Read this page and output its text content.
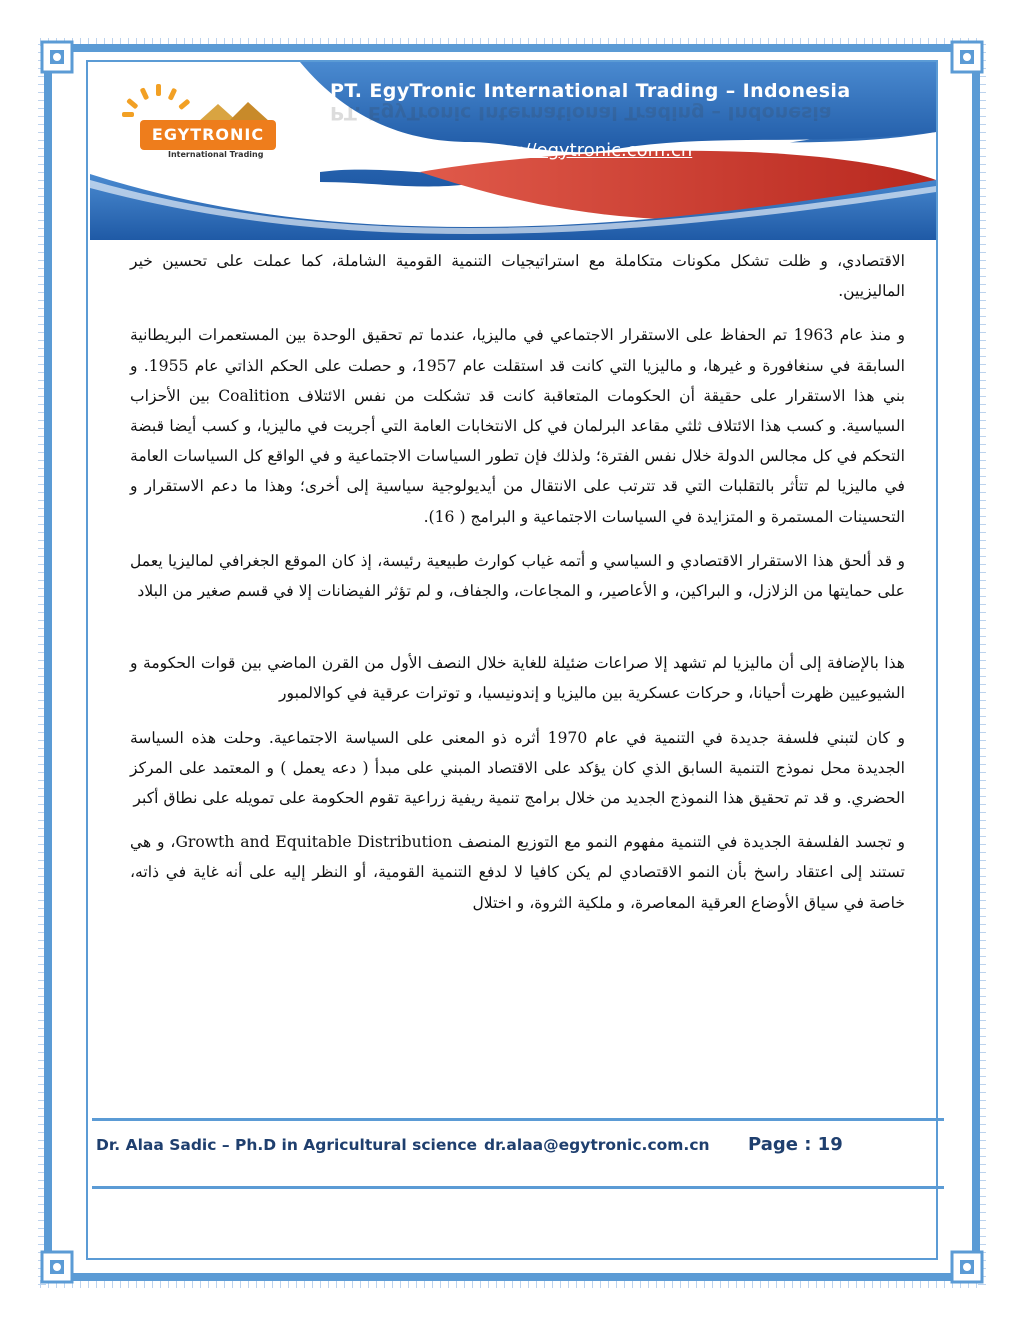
EGYTRONIC
International Trading
PT. EgyTronic International Trading – Indonesia
PT. EgyTronic International Trading – Indonesia
https://egytronic.com.cn

الاقتصادي، و ظلت تشكل مكونات متكاملة مع استراتيجيات التنمية القومية الشاملة، كما عملت على تحسين خير الماليزيين.

و منذ عام 1963 تم الحفاظ على الاستقرار الاجتماعي في ماليزيا، عندما تم تحقيق الوحدة بين المستعمرات البريطانية السابقة في سنغافورة و غيرها، و ماليزيا التي كانت قد استقلت عام 1957، و حصلت على الحكم الذاتي عام 1955. و بني هذا الاستقرار على حقيقة أن الحكومات المتعاقبة كانت قد تشكلت من نفس الائتلاف Coalition بين الأحزاب السياسية. و كسب هذا الائتلاف ثلثي مقاعد البرلمان في كل الانتخابات العامة التي أجريت في ماليزيا، و كسب أيضا قبضة التحكم في كل مجالس الدولة خلال نفس الفترة؛ ولذلك فإن تطور السياسات الاجتماعية و في الواقع كل السياسات العامة في ماليزيا لم تتأثر بالتقلبات التي قد تترتب على الانتقال من أيديولوجية سياسية إلى أخرى؛ وهذا ما دعم الاستقرار و التحسينات المستمرة و المتزايدة في السياسات الاجتماعية و البرامج ( 16).

و قد ألحق هذا الاستقرار الاقتصادي و السياسي و أتمه غياب كوارث طبيعية رئيسة، إذ كان الموقع الجغرافي لماليزيا يعمل على حمايتها من الزلازل، و البراكين، و الأعاصير، و المجاعات، والجفاف، و لم تؤثر الفيضانات إلا في قسم صغير من البلاد

هذا بالإضافة إلى أن ماليزيا لم تشهد إلا صراعات ضئيلة للغاية خلال النصف الأول من القرن الماضي بين قوات الحكومة و الشيوعيين ظهرت أحيانا، و حركات عسكرية بين ماليزيا و إندونيسيا، و توترات عرقية في كوالالمبور

و كان لتبني فلسفة جديدة في التنمية في عام 1970 أثره ذو المعنى على السياسة الاجتماعية. وحلت هذه السياسة الجديدة محل نموذج التنمية السابق الذي كان يؤكد على الاقتصاد المبني على مبدأ ( دعه يعمل ) و المعتمد على المركز الحضري. و قد تم تحقيق هذا النموذج الجديد من خلال برامج تنمية ريفية زراعية تقوم الحكومة على تمويله على نطاق أكبر

و تجسد الفلسفة الجديدة في التنمية مفهوم النمو مع التوزيع المنصف Growth and Equitable Distribution، و هي تستند إلى اعتقاد راسخ بأن النمو الاقتصادي لم يكن كافيا لا لدفع التنمية القومية، أو النظر إليه على أنه غاية في ذاته، خاصة في سياق الأوضاع العرقية المعاصرة، و ملكية الثروة، و اختلال

Dr. Alaa Sadic – Ph.D in Agricultural science dr.alaa@egytronic.com.cn Page : 19
